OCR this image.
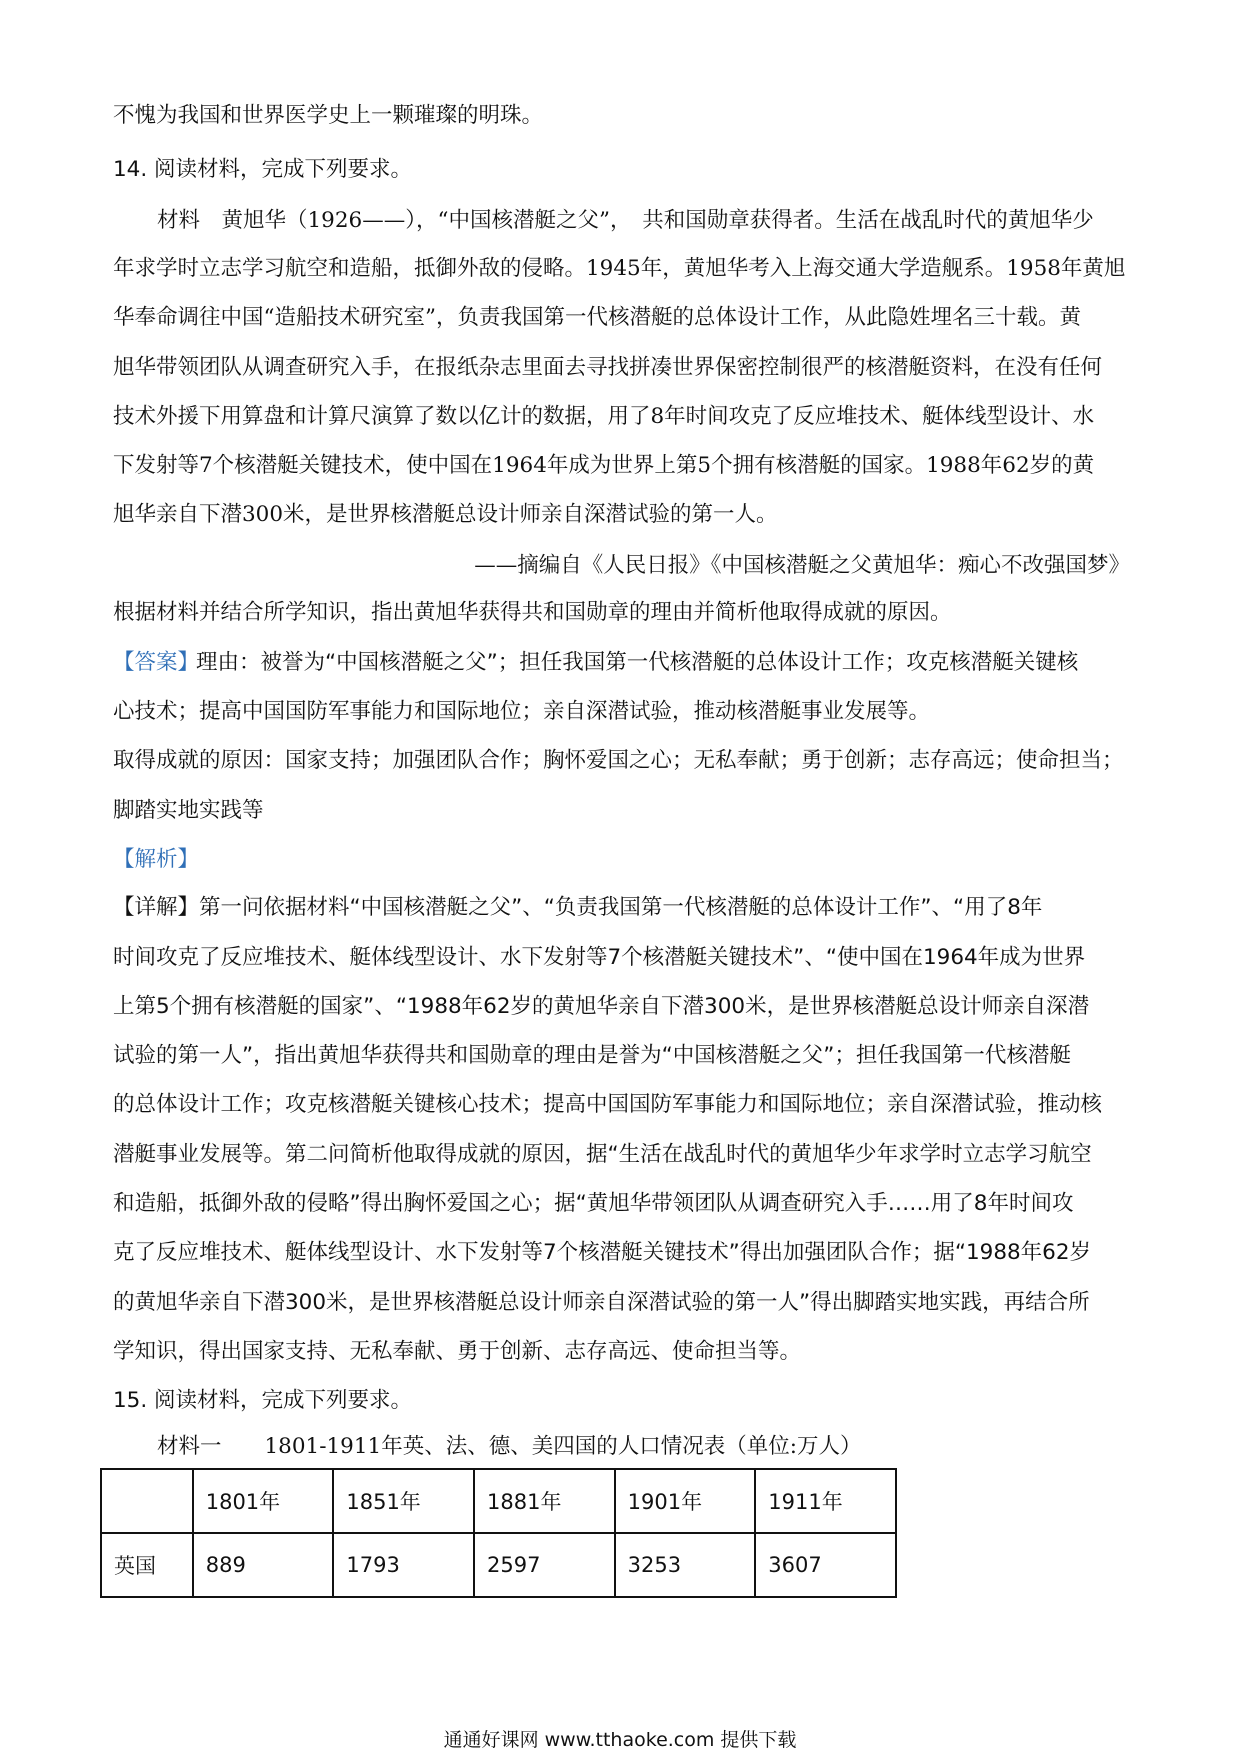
不愧为我国和世界医学史上一颗璀璨的明珠。
14. 阅读材料，完成下列要求。
材料　黄旭华（1926——），“中国核潜艇之父”，　共和国勋章获得者。生活在战乱时代的黄旭华少
年求学时立志学习航空和造船，抵御外敌的侵略。1945年，黄旭华考入上海交通大学造舰系。1958年黄旭
华奉命调往中国“造船技术研究室”，负责我国第一代核潜艇的总体设计工作，从此隐姓埋名三十载。黄
旭华带领团队从调查研究入手，在报纸杂志里面去寻找拼凑世界保密控制很严的核潜艇资料，在没有任何
技术外援下用算盘和计算尺演算了数以亿计的数据，用了8年时间攻克了反应堆技术、艇体线型设计、水
下发射等7个核潜艇关键技术，使中国在1964年成为世界上第5个拥有核潜艇的国家。1988年62岁的黄
旭华亲自下潜300米，是世界核潜艇总设计师亲自深潜试验的第一人。
根据材料并结合所学知识，指出黄旭华获得共和国勋章的理由并简析他取得成就的原因。
理由：被誉为“中国核潜艇之父”；担任我国第一代核潜艇的总体设计工作；攻克核潜艇关键核
心技术；提高中国国防军事能力和国际地位；亲自深潜试验，推动核潜艇事业发展等。
取得成就的原因：国家支持；加强团队合作；胸怀爱国之心；无私奉献；勇于创新；志存高远；使命担当；
脚踏实地实践等
【详解】第一问依据材料“中国核潜艇之父”、“负责我国第一代核潜艇的总体设计工作”、“用了8年
时间攻克了反应堆技术、艇体线型设计、水下发射等7个核潜艇关键技术”、“使中国在1964年成为世界
上第5个拥有核潜艇的国家”、“1988年62岁的黄旭华亲自下潜300米，是世界核潜艇总设计师亲自深潜
试验的第一人”，指出黄旭华获得共和国勋章的理由是誉为“中国核潜艇之父”；担任我国第一代核潜艇
的总体设计工作；攻克核潜艇关键核心技术；提高中国国防军事能力和国际地位；亲自深潜试验，推动核
潜艇事业发展等。第二问简析他取得成就的原因，据“生活在战乱时代的黄旭华少年求学时立志学习航空
和造船，抵御外敌的侵略”得出胸怀爱国之心；据“黄旭华带领团队从调查研究入手……用了8年时间攻
克了反应堆技术、艇体线型设计、水下发射等7个核潜艇关键技术”得出加强团队合作；据“1988年62岁
的黄旭华亲自下潜300米，是世界核潜艇总设计师亲自深潜试验的第一人”得出脚踏实地实践，再结合所
学知识，得出国家支持、无私奉献、勇于创新、志存高远、使命担当等。
15. 阅读材料，完成下列要求。
材料一　　1801-1911年英、法、德、美四国的人口情况表（单位:万人）
【答案】
【解析】
——摘编自《人民日报》《中国核潜艇之父黄旭华：痴心不改强国梦》
	1801年	1851年	1881年	1901年	1911年
英国	889	1793	2597	3253	3607
通通好课网 www.tthaoke.com 提供下载
